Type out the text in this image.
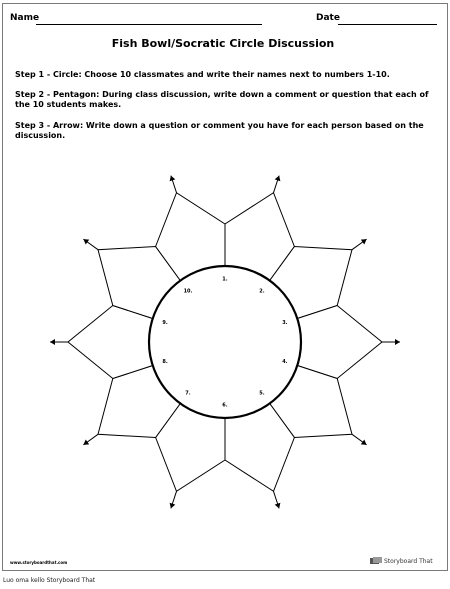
Name	Date
Fish Bowl/Socratic Circle Discussion
Step 1 - Circle: Choose 10 classmates and write their names next to numbers 1-10.
Step 2 - Pentagon: During class discussion, write down a comment or question that each of the 10 students makes.
Step 3 - Arrow: Write down a question or comment you have for each person based on the discussion.
1.
2.
3.
4.
5.
6.
7.
8.
9.
10.
www.storyboardthat.com	Storyboard That
Luo oma kello Storyboard That
